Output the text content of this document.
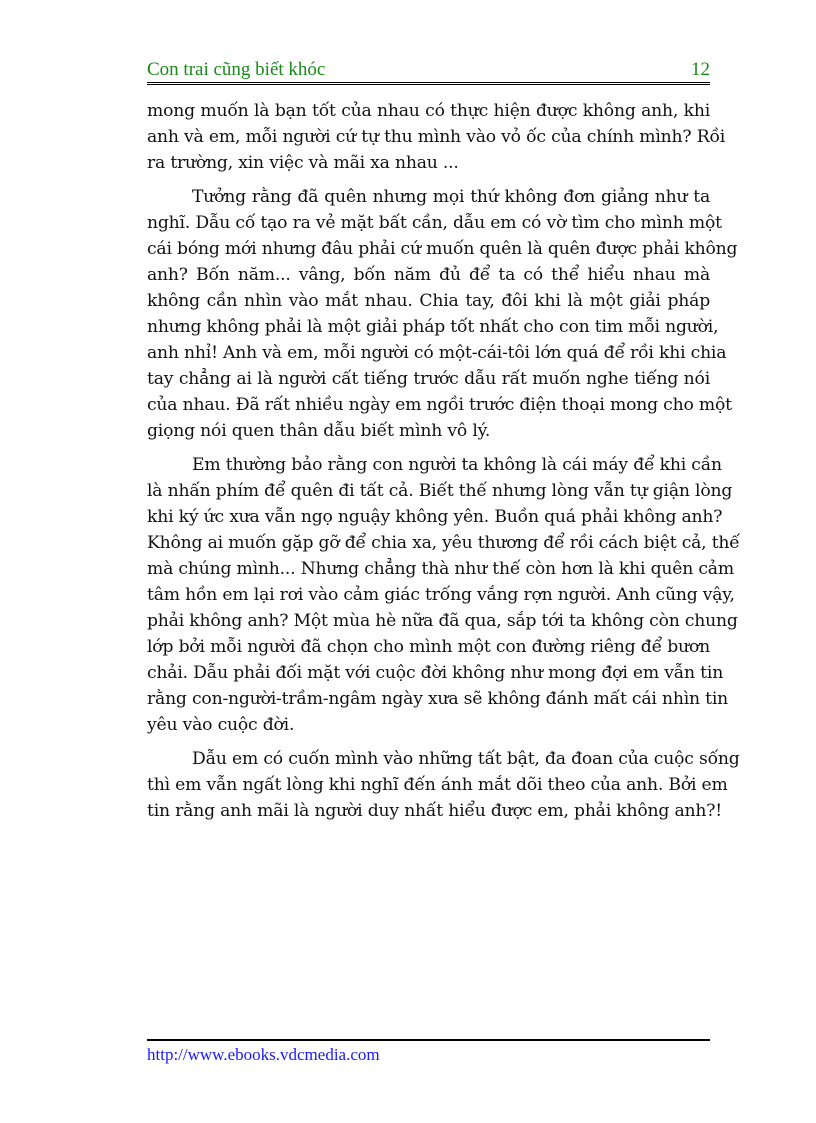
Con trai cũng biết khóc	12
mong muốn là bạn tốt của nhau có thực hiện được không anh, khi
anh và em, mỗi người cứ tự thu mình vào vỏ ốc của chính mình? Rồi
ra trường, xin việc và mãi xa nhau ...
Tưởng rằng đã quên nhưng mọi thứ không đơn giảng như ta
nghĩ. Dẫu cố tạo ra vẻ mặt bất cần, dẫu em có vờ tìm cho mình một
cái bóng mới nhưng đâu phải cứ muốn quên là quên được phải không
anh? Bốn năm... vâng, bốn năm đủ để ta có thể hiểu nhau mà
không cần nhìn vào mắt nhau. Chia tay, đôi khi là một giải pháp
nhưng không phải là một giải pháp tốt nhất cho con tim mỗi người,
anh nhỉ! Anh và em, mỗi người có một-cái-tôi lớn quá để rồi khi chia
tay chẳng ai là người cất tiếng trước dẫu rất muốn nghe tiếng nói
của nhau. Đã rất nhiều ngày em ngồi trước điện thoại mong cho một
giọng nói quen thân dẫu biết mình vô lý.
Em thường bảo rằng con người ta không là cái máy để khi cần
là nhấn phím để quên đi tất cả. Biết thế nhưng lòng vẫn tự giận lòng
khi ký ức xưa vẫn ngọ nguậy không yên. Buồn quá phải không anh?
Không ai muốn gặp gỡ để chia xa, yêu thương để rồi cách biệt cả, thế
mà chúng mình... Nhưng chẳng thà như thế còn hơn là khi quên cảm
tâm hồn em lại rơi vào cảm giác trống vắng rợn người. Anh cũng vậy,
phải không anh? Một mùa hè nữa đã qua, sắp tới ta không còn chung
lớp bởi mỗi người đã chọn cho mình một con đường riêng để bươn
chải. Dẫu phải đối mặt với cuộc đời không như mong đợi em vẫn tin
rằng con-người-trầm-ngâm ngày xưa sẽ không đánh mất cái nhìn tin
yêu vào cuộc đời.
Dẫu em có cuốn mình vào những tất bật, đa đoan của cuộc sống
thì em vẫn ngất lòng khi nghĩ đến ánh mắt dõi theo của anh. Bởi em
tin rằng anh mãi là người duy nhất hiểu được em, phải không anh?!
http://www.ebooks.vdcmedia.com
